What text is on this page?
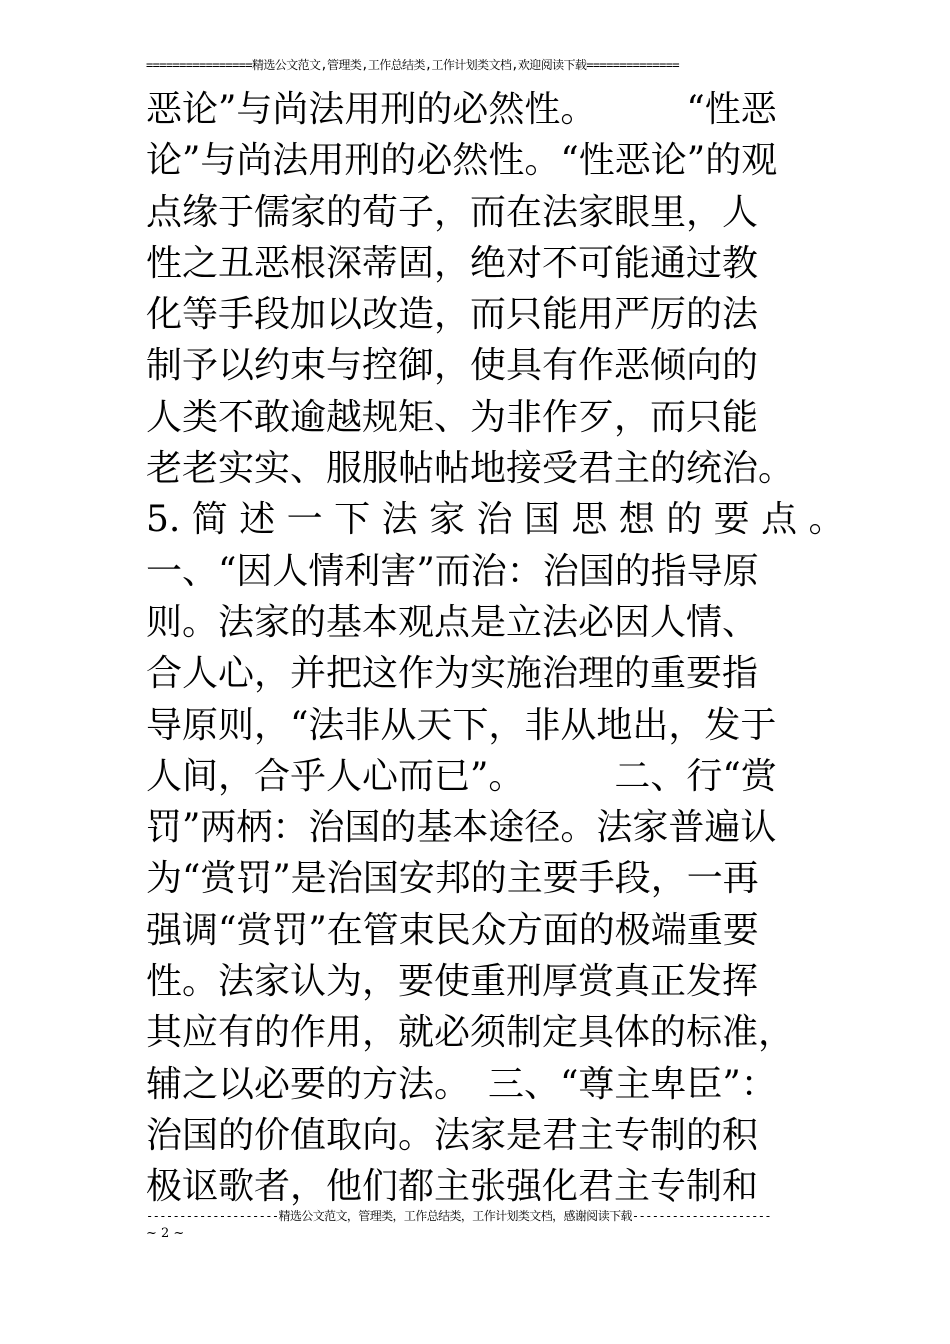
================精选公文范文,管理类,工作总结类,工作计划类文档,欢迎阅读下载==============
恶论”与尚法用刑的必然性。　　　“性恶
论”与尚法用刑的必然性。“性恶论”的观
点缘于儒家的荀子，而在法家眼里，人
性之丑恶根深蒂固，绝对不可能通过教
化等手段加以改造，而只能用严厉的法
制予以约束与控御，使具有作恶倾向的
人类不敢逾越规矩、为非作歹，而只能
老老实实、服服帖帖地接受君主的统治。
5. 简 述 一 下 法 家 治 国 思 想 的 要 点 。
一、“因人情利害”而治：治国的指导原
则。法家的基本观点是立法必因人情、
合人心，并把这作为实施治理的重要指
导原则，“法非从天下，非从地出，发于
人间，合乎人心而已”。　　　二、行“赏
罚”两柄：治国的基本途径。法家普遍认
为“赏罚”是治国安邦的主要手段，一再
强调“赏罚”在管束民众方面的极端重要
性。法家认为，要使重刑厚赏真正发挥
其应有的作用，就必须制定具体的标准，
辅之以必要的方法。　三、“尊主卑臣”：
治国的价值取向。法家是君主专制的积
极讴歌者，他们都主张强化君主专制和
--------------------精选公文范文，管理类，工作总结类，工作计划类文档，感谢阅读下载---------------------
~ 2 ~
